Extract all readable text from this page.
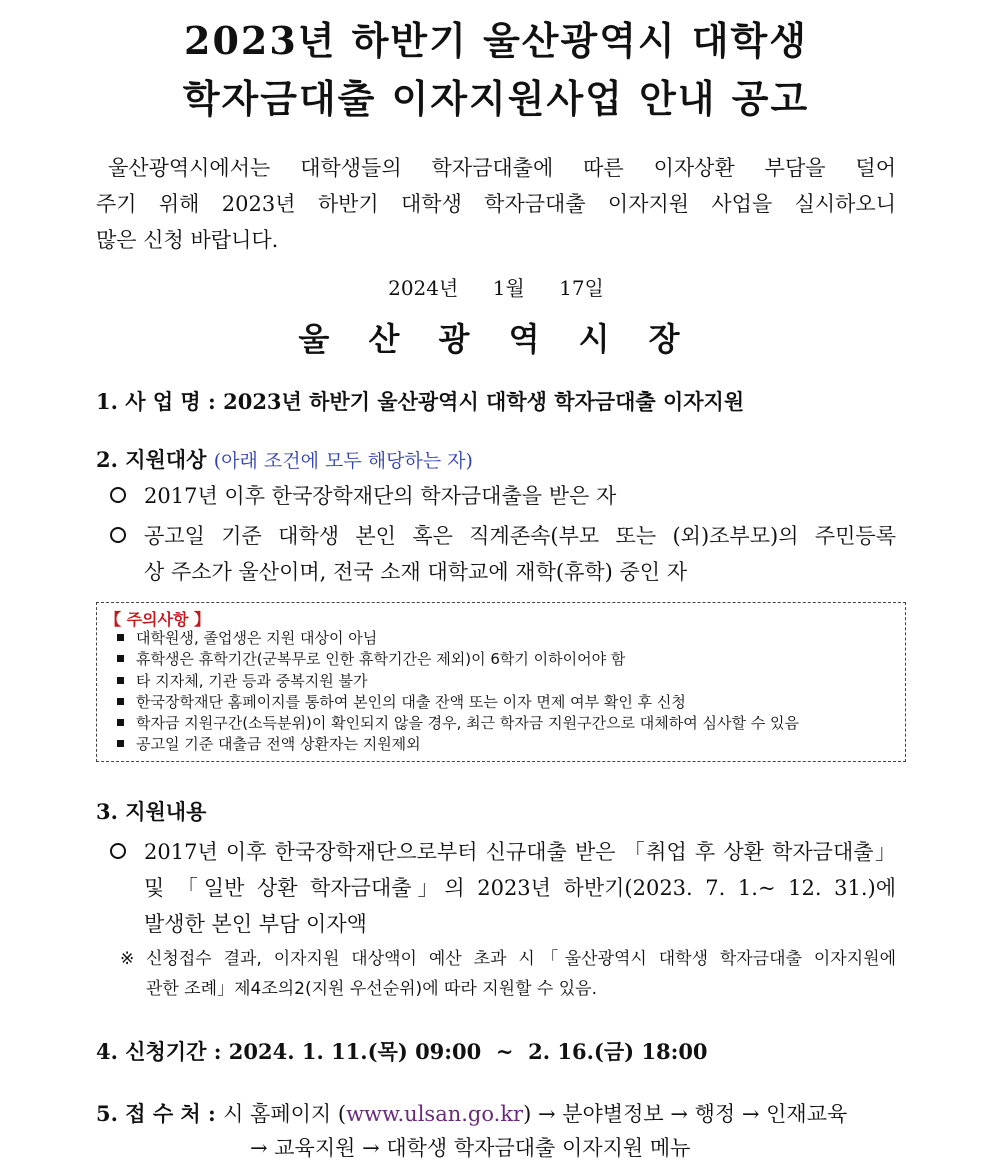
2023년 하반기 울산광역시 대학생
학자금대출 이자지원사업 안내 공고
울산광역시에서는 대학생들의 학자금대출에 따른 이자상환 부담을 덜어
주기 위해 2023년 하반기 대학생 학자금대출 이자지원 사업을 실시하오니
많은 신청 바랍니다.
2024년 1월 17일
울 산 광 역 시 장
1. 사 업 명 : 2023년 하반기 울산광역시 대학생 학자금대출 이자지원
2. 지원대상 (아래 조건에 모두 해당하는 자)
2017년 이후 한국장학재단의 학자금대출을 받은 자
공고일 기준 대학생 본인 혹은 직계존속(부모 또는 (외)조부모)의 주민등록
상 주소가 울산이며, 전국 소재 대학교에 재학(휴학) 중인 자
【 주의사항 】
대학원생, 졸업생은 지원 대상이 아님
휴학생은 휴학기간(군복무로 인한 휴학기간은 제외)이 6학기 이하이어야 함
타 지자체, 기관 등과 중복지원 불가
한국장학재단 홈페이지를 통하여 본인의 대출 잔액 또는 이자 면제 여부 확인 후 신청
학자금 지원구간(소득분위)이 확인되지 않을 경우, 최근 학자금 지원구간으로 대체하여 심사할 수 있음
공고일 기준 대출금 전액 상환자는 지원제외
3. 지원내용
2017년 이후 한국장학재단으로부터 신규대출 받은 「취업 후 상환 학자금대출」
및 「일반 상환 학자금대출」의 2023년 하반기(2023. 7. 1.~ 12. 31.)에
발생한 본인 부담 이자액
※ 신청접수 결과, 이자지원 대상액이 예산 초과 시「울산광역시 대학생 학자금대출 이자지원에
관한 조례」제4조의2(지원 우선순위)에 따라 지원할 수 있음.
4. 신청기간 : 2024. 1. 11.(목) 09:00  ~  2. 16.(금) 18:00
5. 접 수 처 : 시 홈페이지 (www.ulsan.go.kr) → 분야별정보 → 행정 → 인재교육
→ 교육지원 → 대학생 학자금대출 이자지원 메뉴
